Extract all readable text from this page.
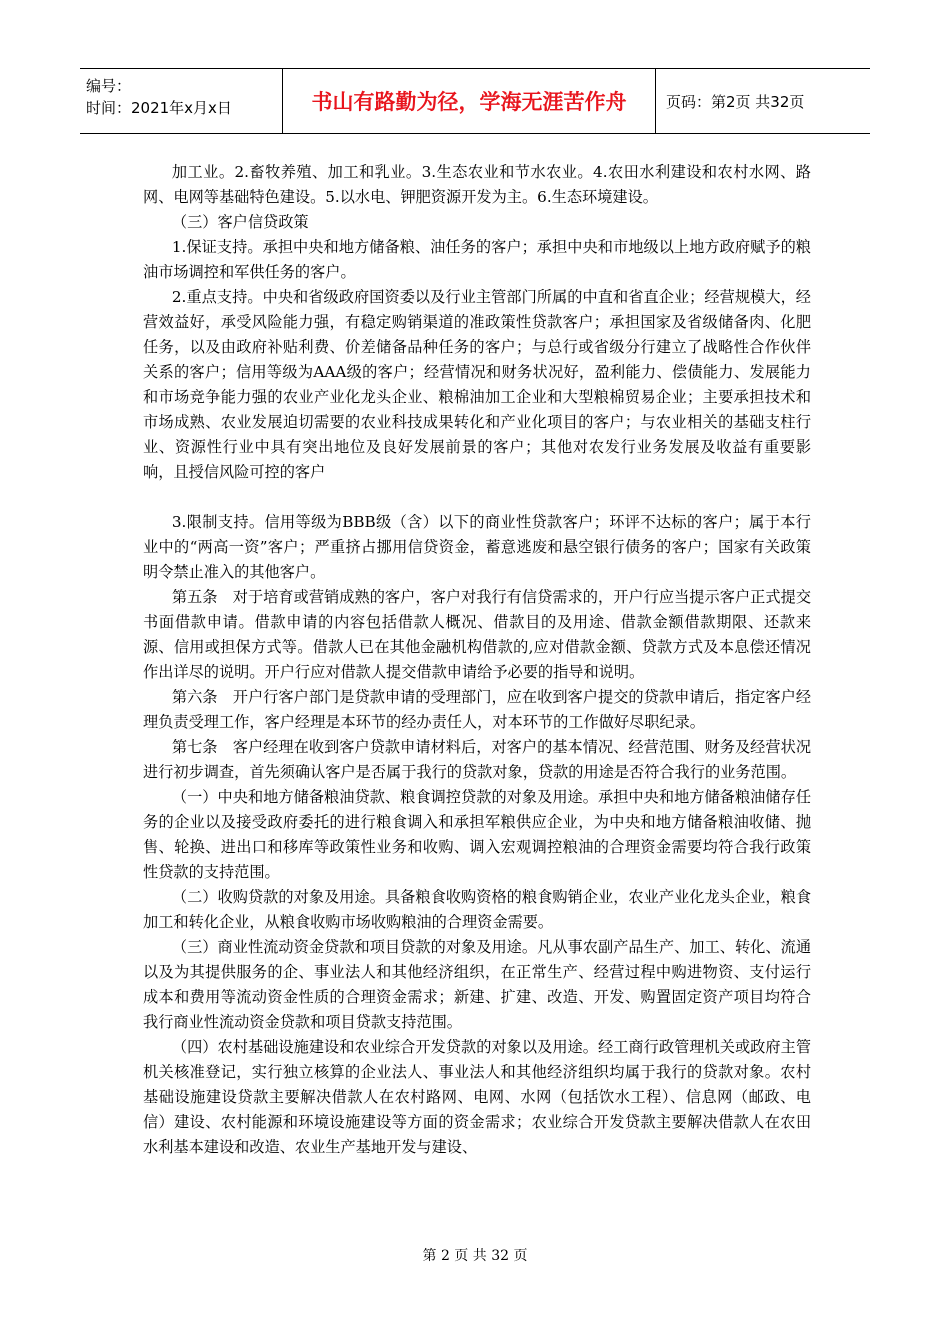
编号：
时间：2021年x月x日	书山有路勤为径，学海无涯苦作舟	页码：第2页 共32页

加工业。2.畜牧养殖、加工和乳业。3.生态农业和节水农业。4.农田水利建设和农村水网、路网、电网等基础特色建设。5.以水电、钾肥资源开发为主。6.生态环境建设。

（三）客户信贷政策

1.保证支持。承担中央和地方储备粮、油任务的客户；承担中央和市地级以上地方政府赋予的粮油市场调控和军供任务的客户。

2.重点支持。中央和省级政府国资委以及行业主管部门所属的中直和省直企业；经营规模大，经营效益好，承受风险能力强，有稳定购销渠道的准政策性贷款客户；承担国家及省级储备肉、化肥任务，以及由政府补贴利费、价差储备品种任务的客户；与总行或省级分行建立了战略性合作伙伴关系的客户；信用等级为AAA级的客户；经营情况和财务状况好，盈利能力、偿债能力、发展能力和市场竞争能力强的农业产业化龙头企业、粮棉油加工企业和大型粮棉贸易企业；主要承担技术和市场成熟、农业发展迫切需要的农业科技成果转化和产业化项目的客户；与农业相关的基础支柱行业、资源性行业中具有突出地位及良好发展前景的客户；其他对农发行业务发展及收益有重要影响，且授信风险可控的客户

3.限制支持。信用等级为BBB级（含）以下的商业性贷款客户；环评不达标的客户；属于本行业中的“两高一资”客户；严重挤占挪用信贷资金，蓄意逃废和悬空银行债务的客户；国家有关政策明令禁止准入的其他客户。

第五条　对于培育或营销成熟的客户，客户对我行有信贷需求的，开户行应当提示客户正式提交书面借款申请。借款申请的内容包括借款人概况、借款目的及用途、借款金额借款期限、还款来源、信用或担保方式等。借款人已在其他金融机构借款的,应对借款金额、贷款方式及本息偿还情况作出详尽的说明。开户行应对借款人提交借款申请给予必要的指导和说明。

第六条　开户行客户部门是贷款申请的受理部门，应在收到客户提交的贷款申请后，指定客户经理负责受理工作，客户经理是本环节的经办责任人，对本环节的工作做好尽职纪录。

第七条　客户经理在收到客户贷款申请材料后，对客户的基本情况、经营范围、财务及经营状况进行初步调查，首先须确认客户是否属于我行的贷款对象，贷款的用途是否符合我行的业务范围。

（一）中央和地方储备粮油贷款、粮食调控贷款的对象及用途。承担中央和地方储备粮油储存任务的企业以及接受政府委托的进行粮食调入和承担军粮供应企业，为中央和地方储备粮油收储、抛售、轮换、进出口和移库等政策性业务和收购、调入宏观调控粮油的合理资金需要均符合我行政策性贷款的支持范围。

（二）收购贷款的对象及用途。具备粮食收购资格的粮食购销企业，农业产业化龙头企业，粮食加工和转化企业，从粮食收购市场收购粮油的合理资金需要。

（三）商业性流动资金贷款和项目贷款的对象及用途。凡从事农副产品生产、加工、转化、流通以及为其提供服务的企、事业法人和其他经济组织，在正常生产、经营过程中购进物资、支付运行成本和费用等流动资金性质的合理资金需求；新建、扩建、改造、开发、购置固定资产项目均符合我行商业性流动资金贷款和项目贷款支持范围。

（四）农村基础设施建设和农业综合开发贷款的对象以及用途。经工商行政管理机关或政府主管机关核准登记，实行独立核算的企业法人、事业法人和其他经济组织均属于我行的贷款对象。农村基础设施建设贷款主要解决借款人在农村路网、电网、水网（包括饮水工程）、信息网（邮政、电信）建设、农村能源和环境设施建设等方面的资金需求；农业综合开发贷款主要解决借款人在农田水利基本建设和改造、农业生产基地开发与建设、

第 2 页 共 32 页
